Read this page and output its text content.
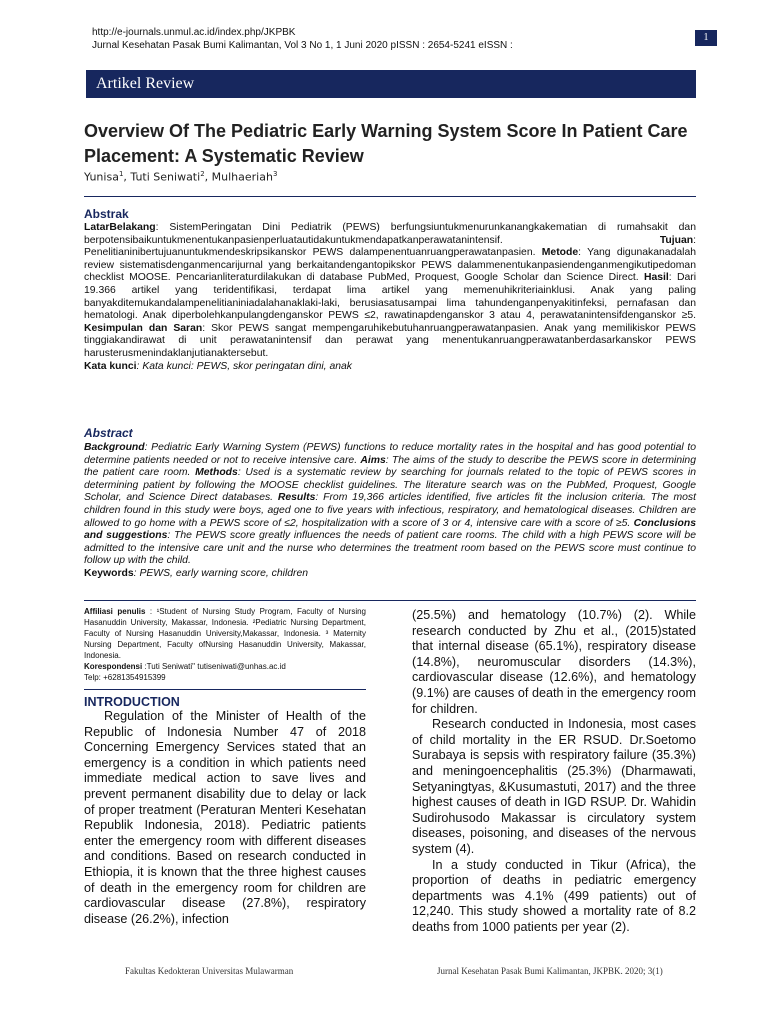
http://e-journals.unmul.ac.id/index.php/JKPBK
Jurnal Kesehatan Pasak Bumi Kalimantan, Vol 3 No 1, 1 Juni 2020 pISSN : 2654-5241 eISSN :
1
Artikel Review
Overview Of The Pediatric Early Warning System Score In Patient Care Placement: A Systematic Review
Yunisa$^1$, Tuti Seniwati$^2$, Mulhaeriah$^3$
Abstrak
LatarBelakang: SistemPeringatan Dini Pediatrik (PEWS) berfungsiuntukmenurunkanangkakematian di rumahsakit dan berpotensibaikuntukmenentukanpasienperluatautidakuntukmendapatkanperawatanintensif. Tujuan: Penelitianinibertujuanuntukmendeskripsikanskor PEWS dalampenentuanruangperawatanpasien. Metode: Yang digunakanadalah review sistematisdenganmencarijurnal yang berkaitandengantopikskor PEWS dalammenentukanpasiendenganmengikutipedoman checklist MOOSE. Pencarianliteraturdilakukan di database PubMed, Proquest, Google Scholar dan Science Direct. Hasil: Dari 19.366 artikel yang teridentifikasi, terdapat lima artikel yang memenuhikriteriainklusi. Anak yang paling banyakditemukandalampenelitianiniadalahanaklaki-laki, berusiasatusampai lima tahundenganpenyakitinfeksi, pernafasan dan hematologi. Anak diperbolehkanpulangdenganskor PEWS ≤2, rawatinapdenganskor 3 atau 4, perawatanintensifdenganskor ≥5. Kesimpulan dan Saran: Skor PEWS sangat mempengaruhikebutuhanruangperawatanpasien. Anak yang memilikiskor PEWS tinggiakandirawat di unit perawatanintensif dan perawat yang menentukanruangperawatanberdasarkanskor PEWS harusterusmenindaklanjutianaktersebut.
Kata kunci: Kata kunci: PEWS, skor peringatan dini, anak
Abstract
Background: Pediatric Early Warning System (PEWS) functions to reduce mortality rates in the hospital and has good potential to determine patients needed or not to receive intensive care. Aims: The aims of the study to describe the PEWS score in determining the patient care room. Methods: Used is a systematic review by searching for journals related to the topic of PEWS scores in determining patient by following the MOOSE checklist guidelines. The literature search was on the PubMed, Proquest, Google Scholar, and Science Direct databases. Results: From 19,366 articles identified, five articles fit the inclusion criteria. The most children found in this study were boys, aged one to five years with infectious, respiratory, and hematological diseases. Children are allowed to go home with a PEWS score of ≤2, hospitalization with a score of 3 or 4, intensive care with a score of ≥5. Conclusions and suggestions: The PEWS score greatly influences the needs of patient care rooms. The child with a high PEWS score will be admitted to the intensive care unit and the nurse who determines the treatment room based on the PEWS score must continue to follow up with the child.
Keywords: PEWS, early warning score, children
Affiliasi penulis : ¹Student of Nursing Study Program, Faculty of Nursing Hasanuddin University, Makassar, Indonesia. ²Pediatric Nursing Department, Faculty of Nursing Hasanuddin University,Makassar, Indonesia. ³ Maternity Nursing Department, Faculty ofNursing Hasanuddin University, Makassar, Indonesia.
Korespondensi :Tuti Seniwati" tutiseniwati@unhas.ac.id
Telp: +6281354915399
INTRODUCTION

Regulation of the Minister of Health of the Republic of Indonesia Number 47 of 2018 Concerning Emergency Services stated that an emergency is a condition in which patients need immediate medical action to save lives and prevent permanent disability due to delay or lack of proper treatment (Peraturan Menteri Kesehatan Republik Indonesia, 2018). Pediatric patients enter the emergency room with different diseases and conditions. Based on research conducted in Ethiopia, it is known that the three highest causes of death in the emergency room for children are cardiovascular disease (27.8%), respiratory disease (26.2%), infection

(25.5%) and hematology (10.7%) (2). While research conducted by Zhu et al., (2015)stated that internal disease (65.1%), respiratory disease (14.8%), neuromuscular disorders (14.3%), cardiovascular disease (12.6%), and hematology (9.1%) are causes of death in the emergency room for children.

Research conducted in Indonesia, most cases of child mortality in the ER RSUD. Dr.Soetomo Surabaya is sepsis with respiratory failure (35.3%) and meningoencephalitis (25.3%) (Dharmawati, Setyaningtyas, &Kusumastuti, 2017) and the three highest causes of death in IGD RSUP. Dr. Wahidin Sudirohusodo Makassar is circulatory system diseases, poisoning, and diseases of the nervous system (4).

In a study conducted in Tikur (Africa), the proportion of deaths in pediatric emergency departments was 4.1% (499 patients) out of 12,240. This study showed a mortality rate of 8.2 deaths from 1000 patients per year (2).

Fakultas Kedokteran Universitas Mulawarman	Jurnal Kesehatan Pasak Bumi Kalimantan, JKPBK. 2020; 3(1)
